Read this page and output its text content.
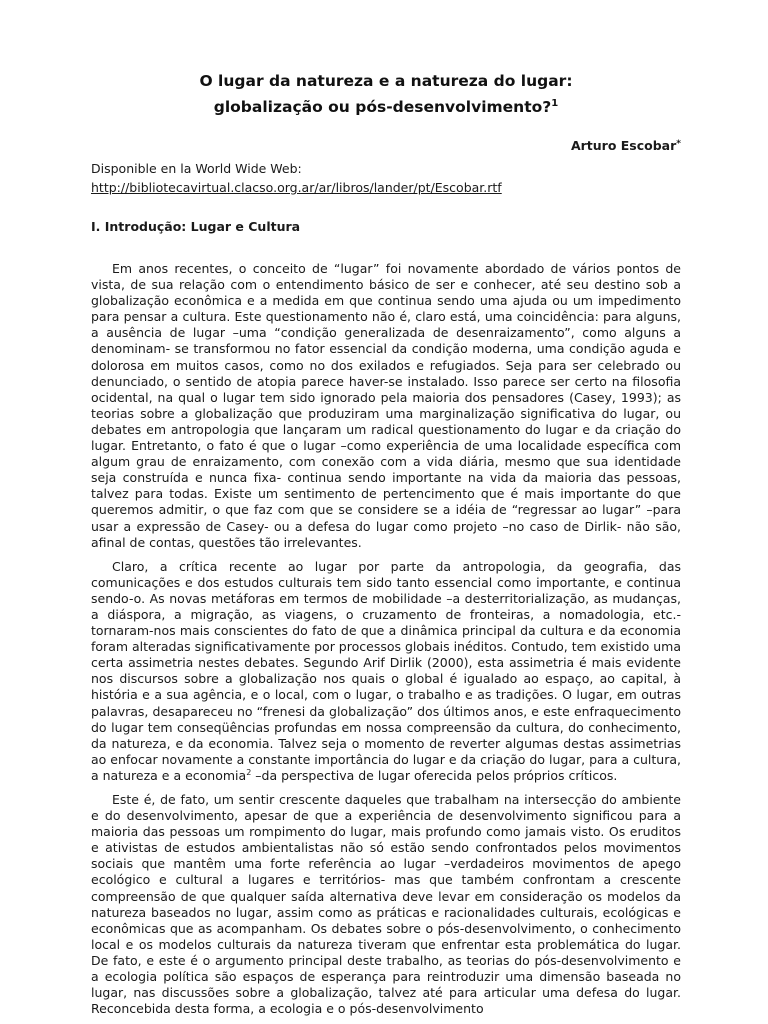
O lugar da natureza e a natureza do lugar:
globalização ou pós-desenvolvimento?$^1$
Arturo Escobar*
Disponible en la World Wide Web:
http://bibliotecavirtual.clacso.org.ar/ar/libros/lander/pt/Escobar.rtf
I. Introdução: Lugar e Cultura

Em anos recentes, o conceito de “lugar” foi novamente abordado de vários pontos de vista, de sua relação com o entendimento básico de ser e conhecer, até seu destino sob a globalização econômica e a medida em que continua sendo uma ajuda ou um impedimento para pensar a cultura. Este questionamento não é, claro está, uma coincidência: para alguns, a ausência de lugar –uma “condição generalizada de desenraizamento”, como alguns a denominam- se transformou no fator essencial da condição moderna, uma condição aguda e dolorosa em muitos casos, como no dos exilados e refugiados. Seja para ser celebrado ou denunciado, o sentido de atopia parece haver-se instalado. Isso parece ser certo na filosofia ocidental, na qual o lugar tem sido ignorado pela maioria dos pensadores (Casey, 1993); as teorias sobre a globalização que produziram uma marginalização significativa do lugar, ou debates em antropologia que lançaram um radical questionamento do lugar e da criação do lugar. Entretanto, o fato é que o lugar –como experiência de uma localidade específica com algum grau de enraizamento, com conexão com a vida diária, mesmo que sua identidade seja construída e nunca fixa- continua sendo importante na vida da maioria das pessoas, talvez para todas. Existe um sentimento de pertencimento que é mais importante do que queremos admitir, o que faz com que se considere se a idéia de “regressar ao lugar” –para usar a expressão de Casey- ou a defesa do lugar como projeto –no caso de Dirlik- não são, afinal de contas, questões tão irrelevantes.

Claro, a crítica recente ao lugar por parte da antropologia, da geografia, das comunicações e dos estudos culturais tem sido tanto essencial como importante, e continua sendo-o. As novas metáforas em termos de mobilidade –a desterritorialização, as mudanças, a diáspora, a migração, as viagens, o cruzamento de fronteiras, a nomadologia, etc.- tornaram-nos mais conscientes do fato de que a dinâmica principal da cultura e da economia foram alteradas significativamente por processos globais inéditos. Contudo, tem existido uma certa assimetria nestes debates. Segundo Arif Dirlik (2000), esta assimetria é mais evidente nos discursos sobre a globalização nos quais o global é igualado ao espaço, ao capital, à história e a sua agência, e o local, com o lugar, o trabalho e as tradições. O lugar, em outras palavras, desapareceu no “frenesi da globalização” dos últimos anos, e este enfraquecimento do lugar tem conseqüências profundas em nossa compreensão da cultura, do conhecimento, da natureza, e da economia. Talvez seja o momento de reverter algumas destas assimetrias ao enfocar novamente a constante importância do lugar e da criação do lugar, para a cultura, a natureza e a economia$^2$ –da perspectiva de lugar oferecida pelos próprios críticos.

Este é, de fato, um sentir crescente daqueles que trabalham na intersecção do ambiente e do desenvolvimento, apesar de que a experiência de desenvolvimento significou para a maioria das pessoas um rompimento do lugar, mais profundo como jamais visto. Os eruditos e ativistas de estudos ambientalistas não só estão sendo confrontados pelos movimentos sociais que mantêm uma forte referência ao lugar –verdadeiros movimentos de apego ecológico e cultural a lugares e territórios- mas que também confrontam a crescente compreensão de que qualquer saída alternativa deve levar em consideração os modelos da natureza baseados no lugar, assim como as práticas e racionalidades culturais, ecológicas e econômicas que as acompanham. Os debates sobre o pós-desenvolvimento, o conhecimento local e os modelos culturais da natureza tiveram que enfrentar esta problemática do lugar. De fato, e este é o argumento principal deste trabalho, as teorias do pós-desenvolvimento e a ecologia política são espaços de esperança para reintroduzir uma dimensão baseada no lugar, nas discussões sobre a globalização, talvez até para articular uma defesa do lugar. Reconcebida desta forma, a ecologia e o pós-desenvolvimento
